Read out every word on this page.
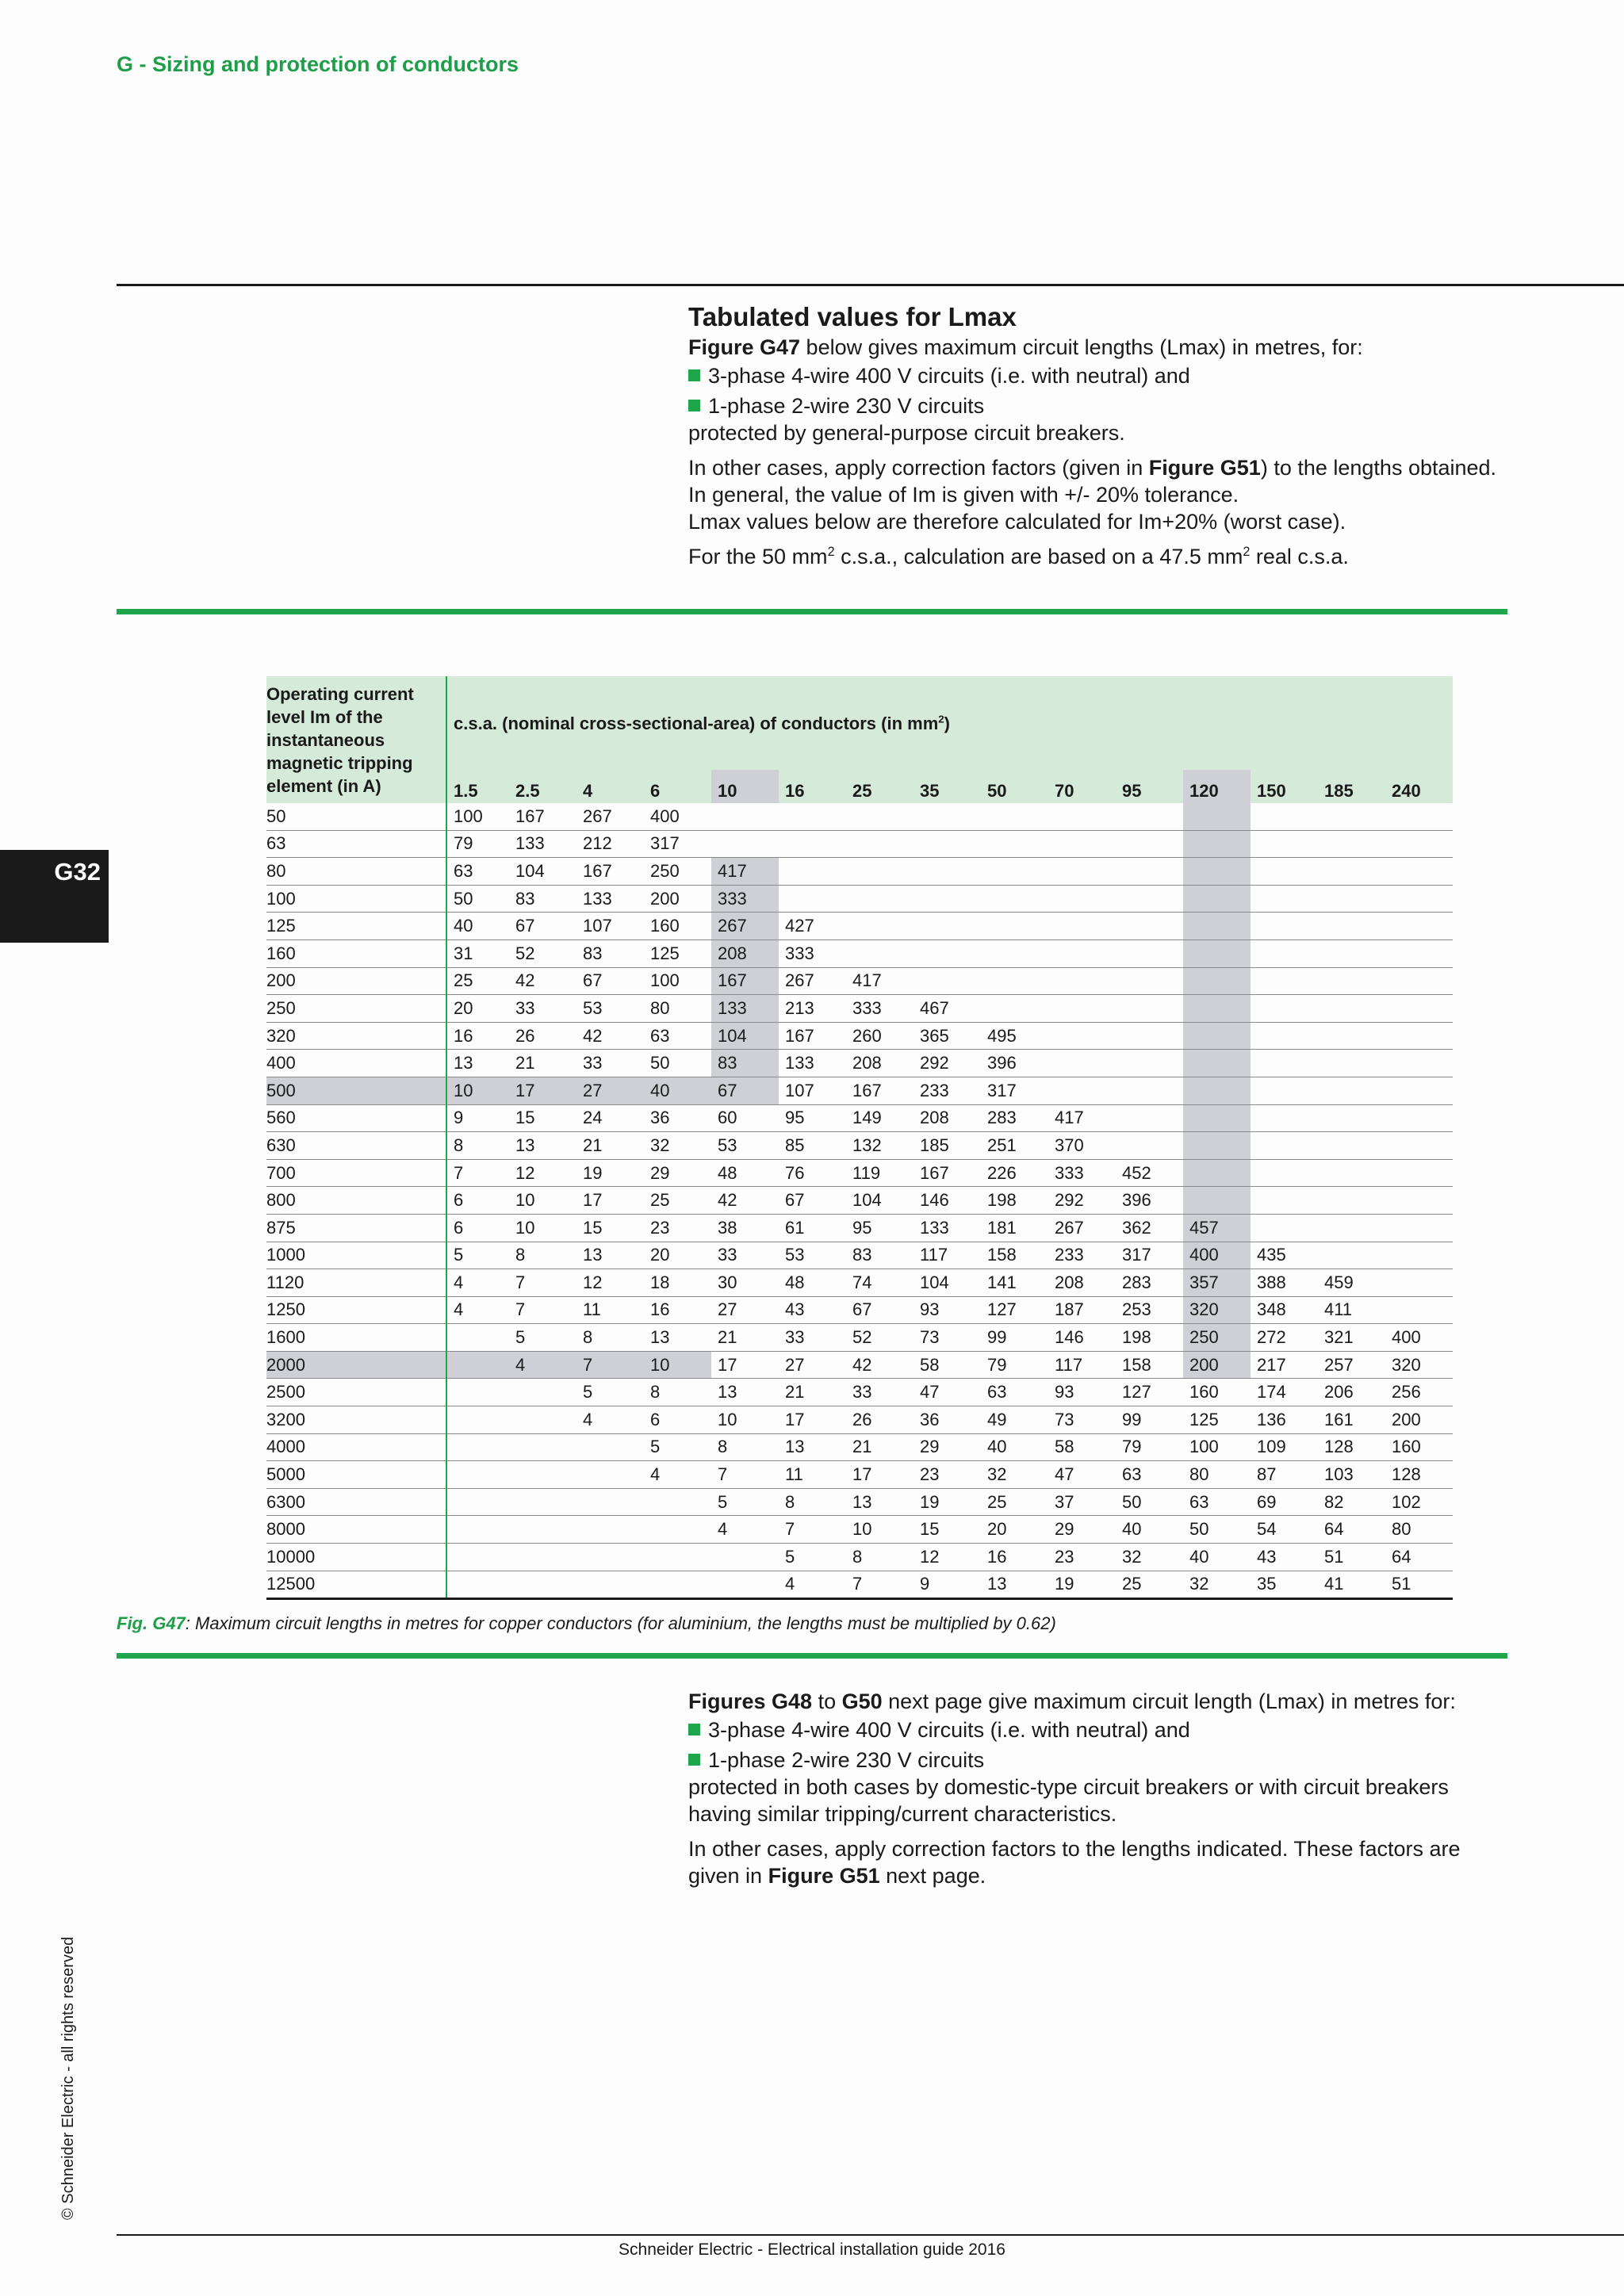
G - Sizing and protection of conductors
Tabulated values for Lmax

Figure G47 below gives maximum circuit lengths (Lmax) in metres, for:

3-phase 4-wire 400 V circuits (i.e. with neutral) and

1-phase 2-wire 230 V circuits

protected by general-purpose circuit breakers.

In other cases, apply correction factors (given in Figure G51) to the lengths obtained.

In general, the value of Im is given with +/- 20% tolerance.

Lmax values below are therefore calculated for Im+20% (worst case).

For the 50 $mm^2$ c.s.a., calculation are based on a 47.5 $mm^2$ real c.s.a.

G32
Operating current
level Im of the
instantaneous
magnetic tripping
element (in A)	c.s.a. (nominal cross-sectional-area) of conductors (in $mm^2$)														
	1.5	2.5	4	6	10	16	25	35	50	70	95	120	150	185	240
50	100	167	267	400											
63	79	133	212	317											
80	63	104	167	250	417										
100	50	83	133	200	333										
125	40	67	107	160	267	427									
160	31	52	83	125	208	333									
200	25	42	67	100	167	267	417								
250	20	33	53	80	133	213	333	467							
320	16	26	42	63	104	167	260	365	495						
400	13	21	33	50	83	133	208	292	396						
500	10	17	27	40	67	107	167	233	317						
560	9	15	24	36	60	95	149	208	283	417					
630	8	13	21	32	53	85	132	185	251	370					
700	7	12	19	29	48	76	119	167	226	333	452				
800	6	10	17	25	42	67	104	146	198	292	396				
875	6	10	15	23	38	61	95	133	181	267	362	457			
1000	5	8	13	20	33	53	83	117	158	233	317	400	435		
1120	4	7	12	18	30	48	74	104	141	208	283	357	388	459	
1250	4	7	11	16	27	43	67	93	127	187	253	320	348	411	
1600		5	8	13	21	33	52	73	99	146	198	250	272	321	400
2000		4	7	10	17	27	42	58	79	117	158	200	217	257	320
2500			5	8	13	21	33	47	63	93	127	160	174	206	256
3200			4	6	10	17	26	36	49	73	99	125	136	161	200
4000				5	8	13	21	29	40	58	79	100	109	128	160
5000				4	7	11	17	23	32	47	63	80	87	103	128
6300					5	8	13	19	25	37	50	63	69	82	102
8000					4	7	10	15	20	29	40	50	54	64	80
10000						5	8	12	16	23	32	40	43	51	64
12500						4	7	9	13	19	25	32	35	41	51
Fig. G47: Maximum circuit lengths in metres for copper conductors (for aluminium, the lengths must be multiplied by 0.62)

Figures G48 to G50 next page give maximum circuit length (Lmax) in metres for:

3-phase 4-wire 400 V circuits (i.e. with neutral) and

1-phase 2-wire 230 V circuits

protected in both cases by domestic-type circuit breakers or with circuit breakers

having similar tripping/current characteristics.

In other cases, apply correction factors to the lengths indicated. These factors are

given in Figure G51 next page.

© Schneider Electric - all rights reserved
Schneider Electric - Electrical installation guide 2016
